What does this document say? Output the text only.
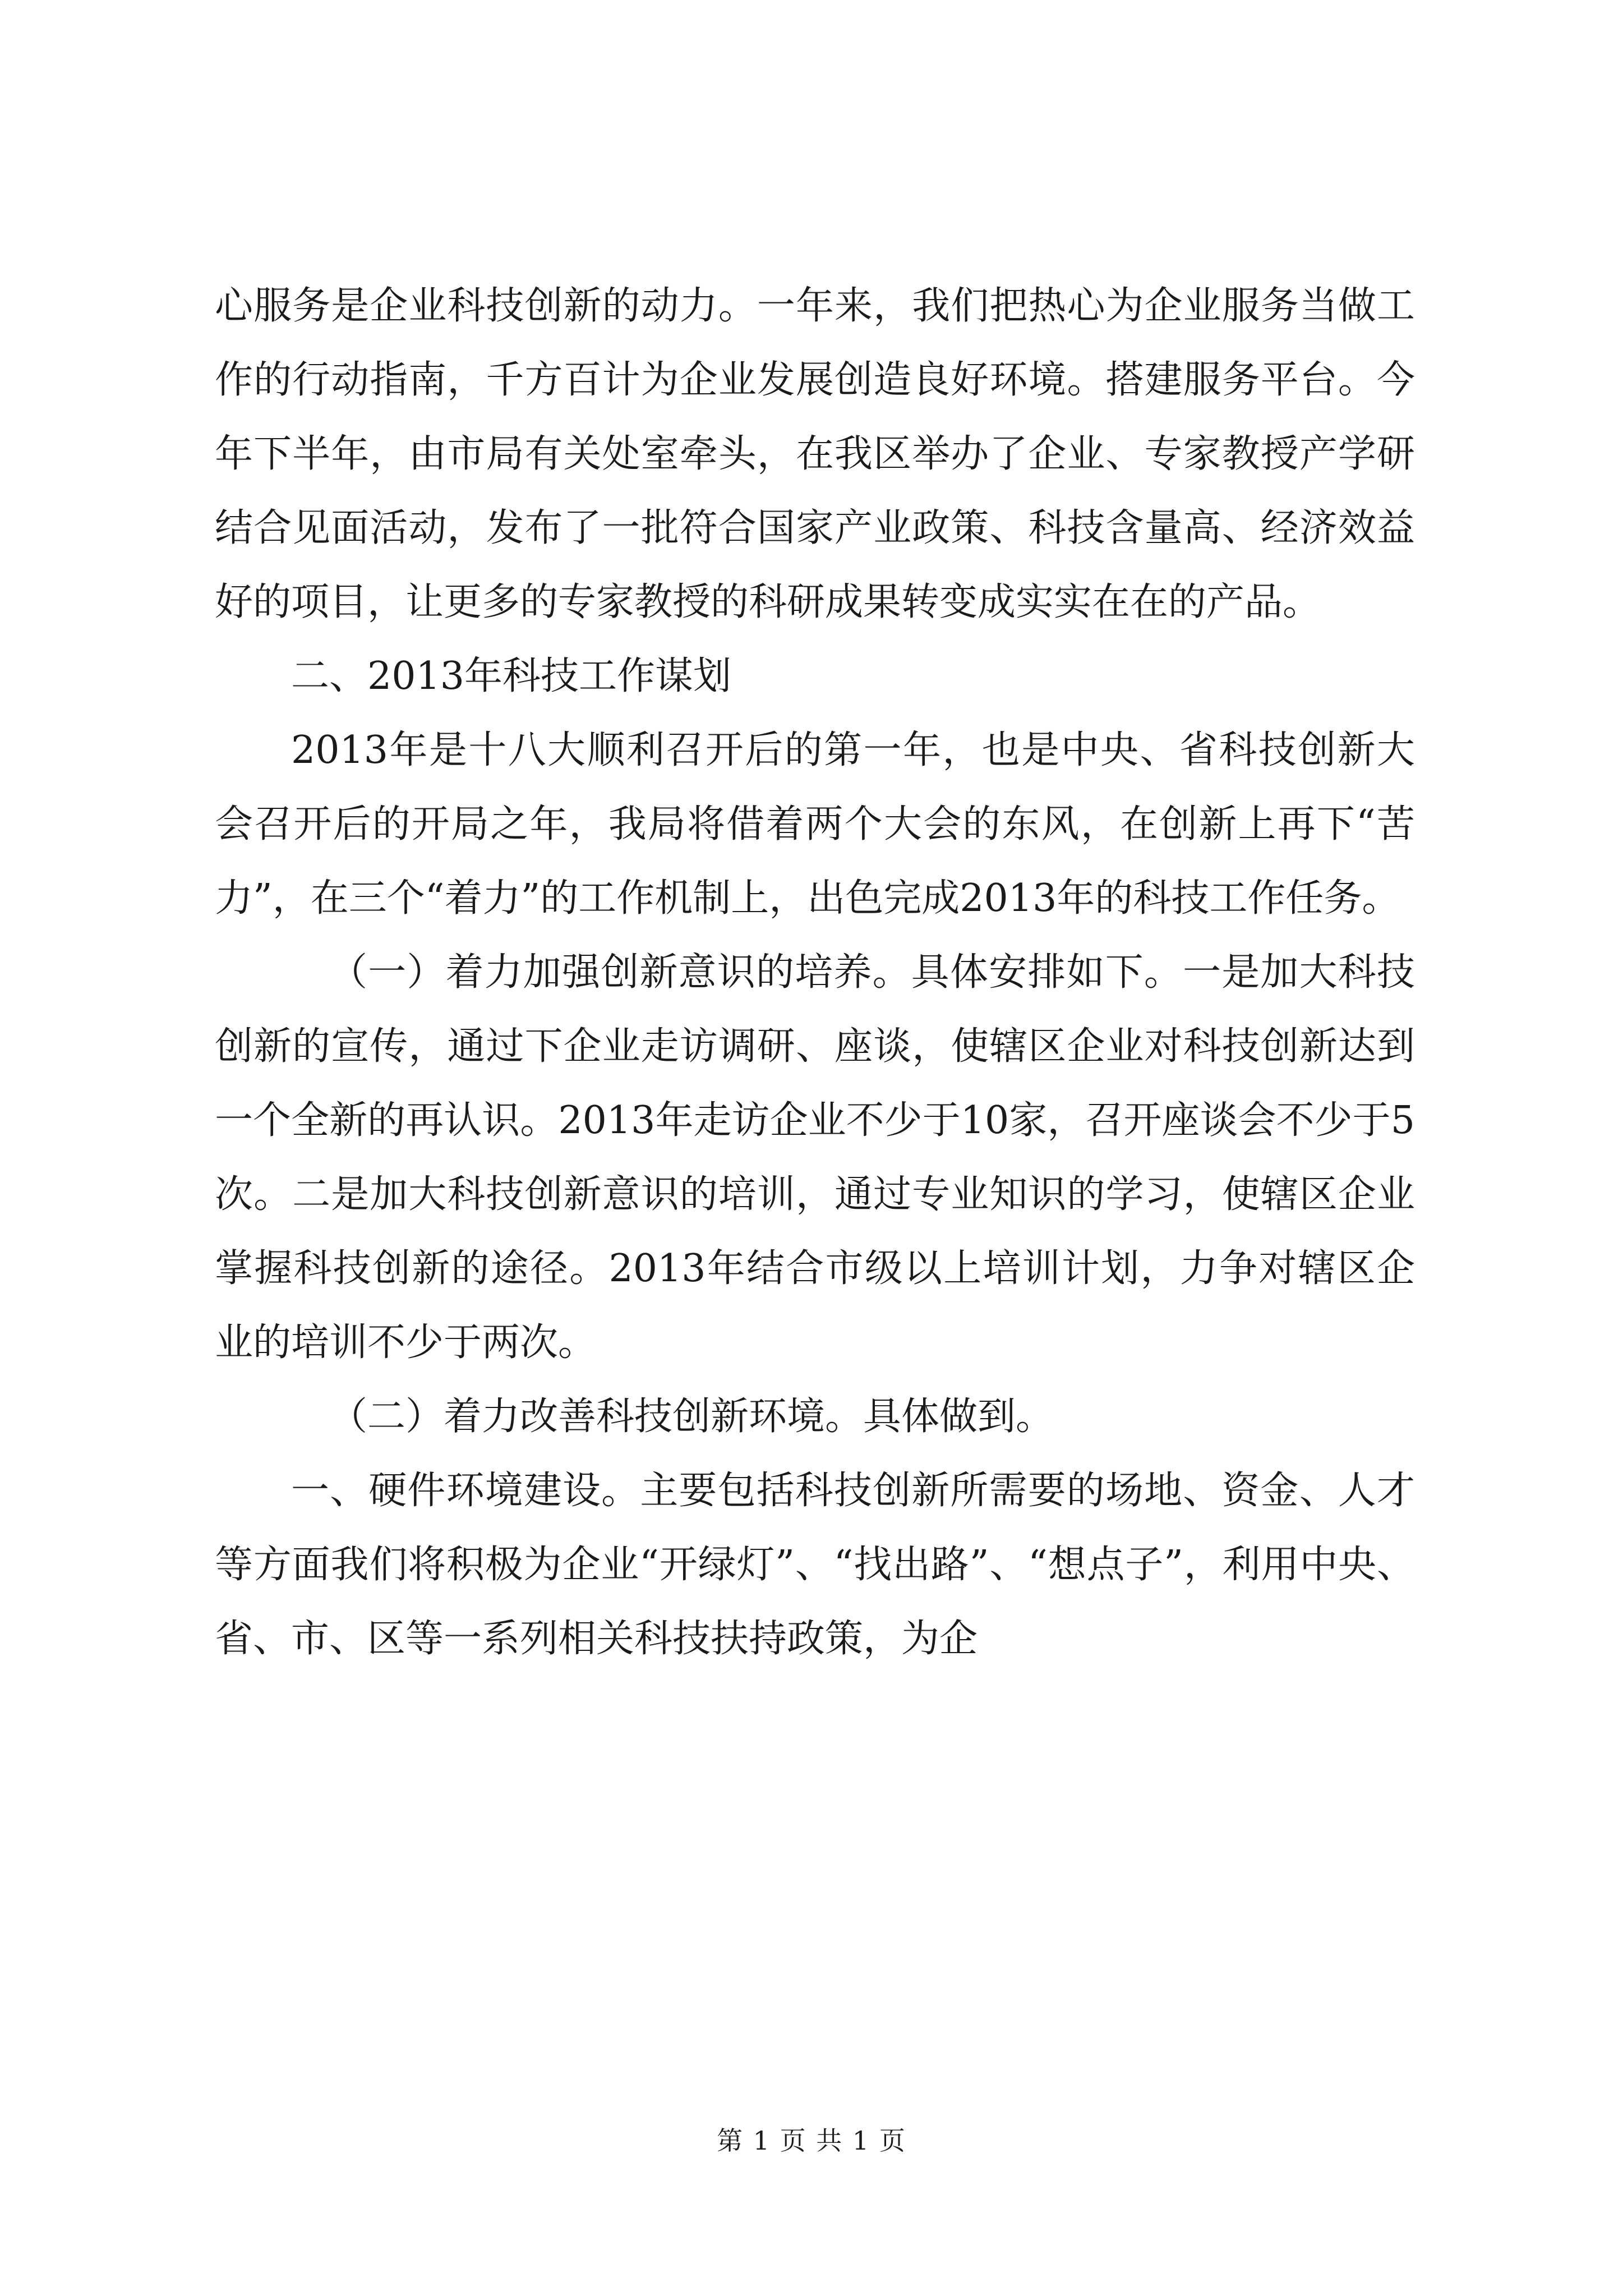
心服务是企业科技创新的动力。一年来，我们把热心为企业服务当做工作的行动指南，千方百计为企业发展创造良好环境。搭建服务平台。今年下半年，由市局有关处室牵头，在我区举办了企业、专家教授产学研结合见面活动，发布了一批符合国家产业政策、科技含量高、经济效益好的项目，让更多的专家教授的科研成果转变成实实在在的产品。

二、2013年科技工作谋划

2013年是十八大顺利召开后的第一年，也是中央、省科技创新大会召开后的开局之年，我局将借着两个大会的东风，在创新上再下“苦力”，在三个“着力”的工作机制上，出色完成2013年的科技工作任务。

（一）着力加强创新意识的培养。具体安排如下。一是加大科技创新的宣传，通过下企业走访调研、座谈，使辖区企业对科技创新达到一个全新的再认识。2013年走访企业不少于10家，召开座谈会不少于5次。二是加大科技创新意识的培训，通过专业知识的学习，使辖区企业掌握科技创新的途径。2013年结合市级以上培训计划，力争对辖区企业的培训不少于两次。

（二）着力改善科技创新环境。具体做到。

一、硬件环境建设。主要包括科技创新所需要的场地、资金、人才等方面我们将积极为企业“开绿灯”、“找出路”、“想点子”，利用中央、省、市、区等一系列相关科技扶持政策，为企

第 1 页 共 1 页
